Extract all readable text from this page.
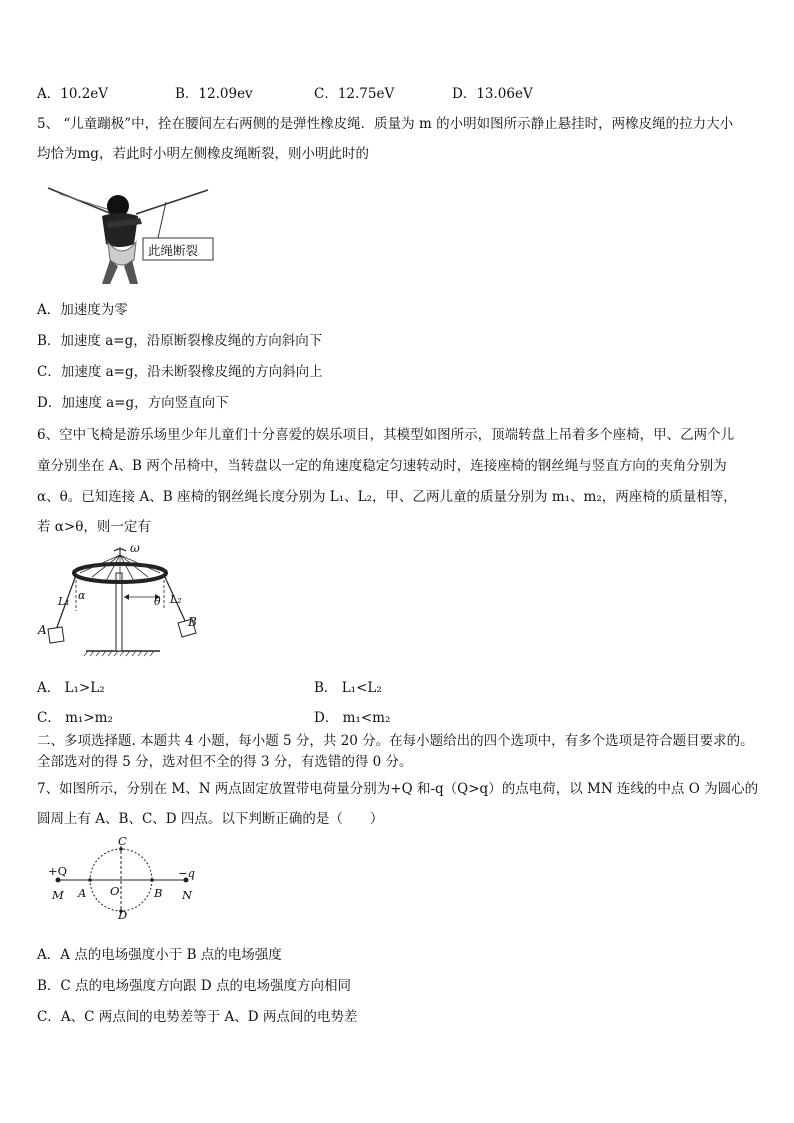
A．10.2eV	B．12.09ev	C．12.75eV	D．13.06eV
5、 “儿童蹦极”中，拴在腰间左右两侧的是弹性橡皮绳．质量为 m 的小明如图所示静止悬挂时，两橡皮绳的拉力大小
均恰为mg，若此时小明左侧橡皮绳断裂，则小明此时的
此绳断裂
A．加速度为零
B．加速度 a=g，沿原断裂橡皮绳的方向斜向下
C．加速度 a=g，沿未断裂橡皮绳的方向斜向上
D．加速度 a=g，方向竖直向下
6、空中飞椅是游乐场里少年儿童们十分喜爱的娱乐项目，其模型如图所示，顶端转盘上吊着多个座椅，甲、乙两个儿
童分别坐在 A、B 两个吊椅中，当转盘以一定的角速度稳定匀速转动时，连接座椅的钢丝绳与竖直方向的夹角分别为
α、θ。已知连接 A、B 座椅的钢丝绳长度分别为 L₁、L₂，甲、乙两儿童的质量分别为 m₁、m₂，两座椅的质量相等，
若 α>θ，则一定有
ω
α	θ
L₁	L₂
A
B
A． L₁>L₂	B． L₁<L₂
C． m₁>m₂	D． m₁<m₂
二、多项选择题. 本题共 4 小题，每小题 5 分，共 20 分。在每小题给出的四个选项中，有多个选项是符合题目要求的。
全部选对的得 5 分，选对但不全的得 3 分，有选错的得 0 分。
7、如图所示，分别在 M、N 两点固定放置带电荷量分别为+Q 和-q（Q>q）的点电荷，以 MN 连线的中点 O 为圆心的
圆周上有 A、B、C、D 四点。以下判断正确的是（　　）
+Q	−q
M	N
A	B
C
D
O
A．A 点的电场强度小于 B 点的电场强度
B．C 点的电场强度方向跟 D 点的电场强度方向相同
C．A、C 两点间的电势差等于 A、D 两点间的电势差
